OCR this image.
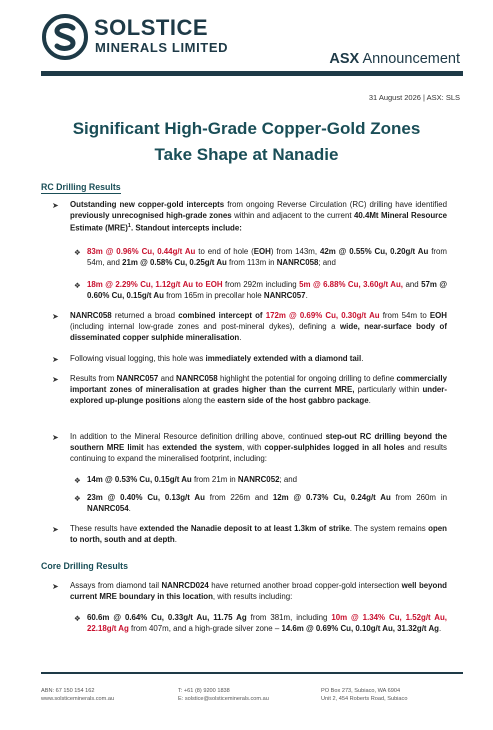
SOLSTICE
MINERALS LIMITED
ASX Announcement
31 August 2026 | ASX: SLS
Significant High-Grade Copper-Gold Zones
Take Shape at Nanadie
RC Drilling Results
➤ Outstanding new copper-gold intercepts from ongoing Reverse Circulation (RC) drilling have identified previously unrecognised high-grade zones within and adjacent to the current 40.4Mt Mineral Resource Estimate (MRE)$^1$. Standout intercepts include:
❖ 83m @ 0.96% Cu, 0.44g/t Au to end of hole (EOH) from 143m, 42m @ 0.55% Cu, 0.20g/t Au from 54m, and 21m @ 0.58% Cu, 0.25g/t Au from 113m in NANRC058; and
❖ 18m @ 2.29% Cu, 1.12g/t Au to EOH from 292m including 5m @ 6.88% Cu, 3.60g/t Au, and 57m @ 0.60% Cu, 0.15g/t Au from 165m in precollar hole NANRC057.
➤ NANRC058 returned a broad combined intercept of 172m @ 0.69% Cu, 0.30g/t Au from 54m to EOH (including internal low-grade zones and post-mineral dykes), defining a wide, near-surface body of disseminated copper sulphide mineralisation.
➤ Following visual logging, this hole was immediately extended with a diamond tail.
➤ Results from NANRC057 and NANRC058 highlight the potential for ongoing drilling to define commercially important zones of mineralisation at grades higher than the current MRE, particularly within under-explored up-plunge positions along the eastern side of the host gabbro package.
➤ In addition to the Mineral Resource definition drilling above, continued step-out RC drilling beyond the southern MRE limit has extended the system, with copper-sulphides logged in all holes and results continuing to expand the mineralised footprint, including:
❖ 14m @ 0.53% Cu, 0.15g/t Au from 21m in NANRC052; and
❖ 23m @ 0.40% Cu, 0.13g/t Au from 226m and 12m @ 0.73% Cu, 0.24g/t Au from 260m in NANRC054.
➤ These results have extended the Nanadie deposit to at least 1.3km of strike. The system remains open to north, south and at depth.
Core Drilling Results
➤ Assays from diamond tail NANRCD024 have returned another broad copper-gold intersection well beyond current MRE boundary in this location, with results including:
❖ 60.6m @ 0.64% Cu, 0.33g/t Au, 11.75 Ag from 381m, including 10m @ 1.34% Cu, 1.52g/t Au, 22.18g/t Ag from 407m, and a high-grade silver zone – 14.6m @ 0.69% Cu, 0.10g/t Au, 31.32g/t Ag.
ABN: 67 150 154 162
www.solsticeminerals.com.au
T: +61 (8) 9200 1838
E: solstice@solsticeminerals.com.au
PO Box 273, Subiaco, WA 6904
Unit 2, 454 Roberts Road, Subiaco
